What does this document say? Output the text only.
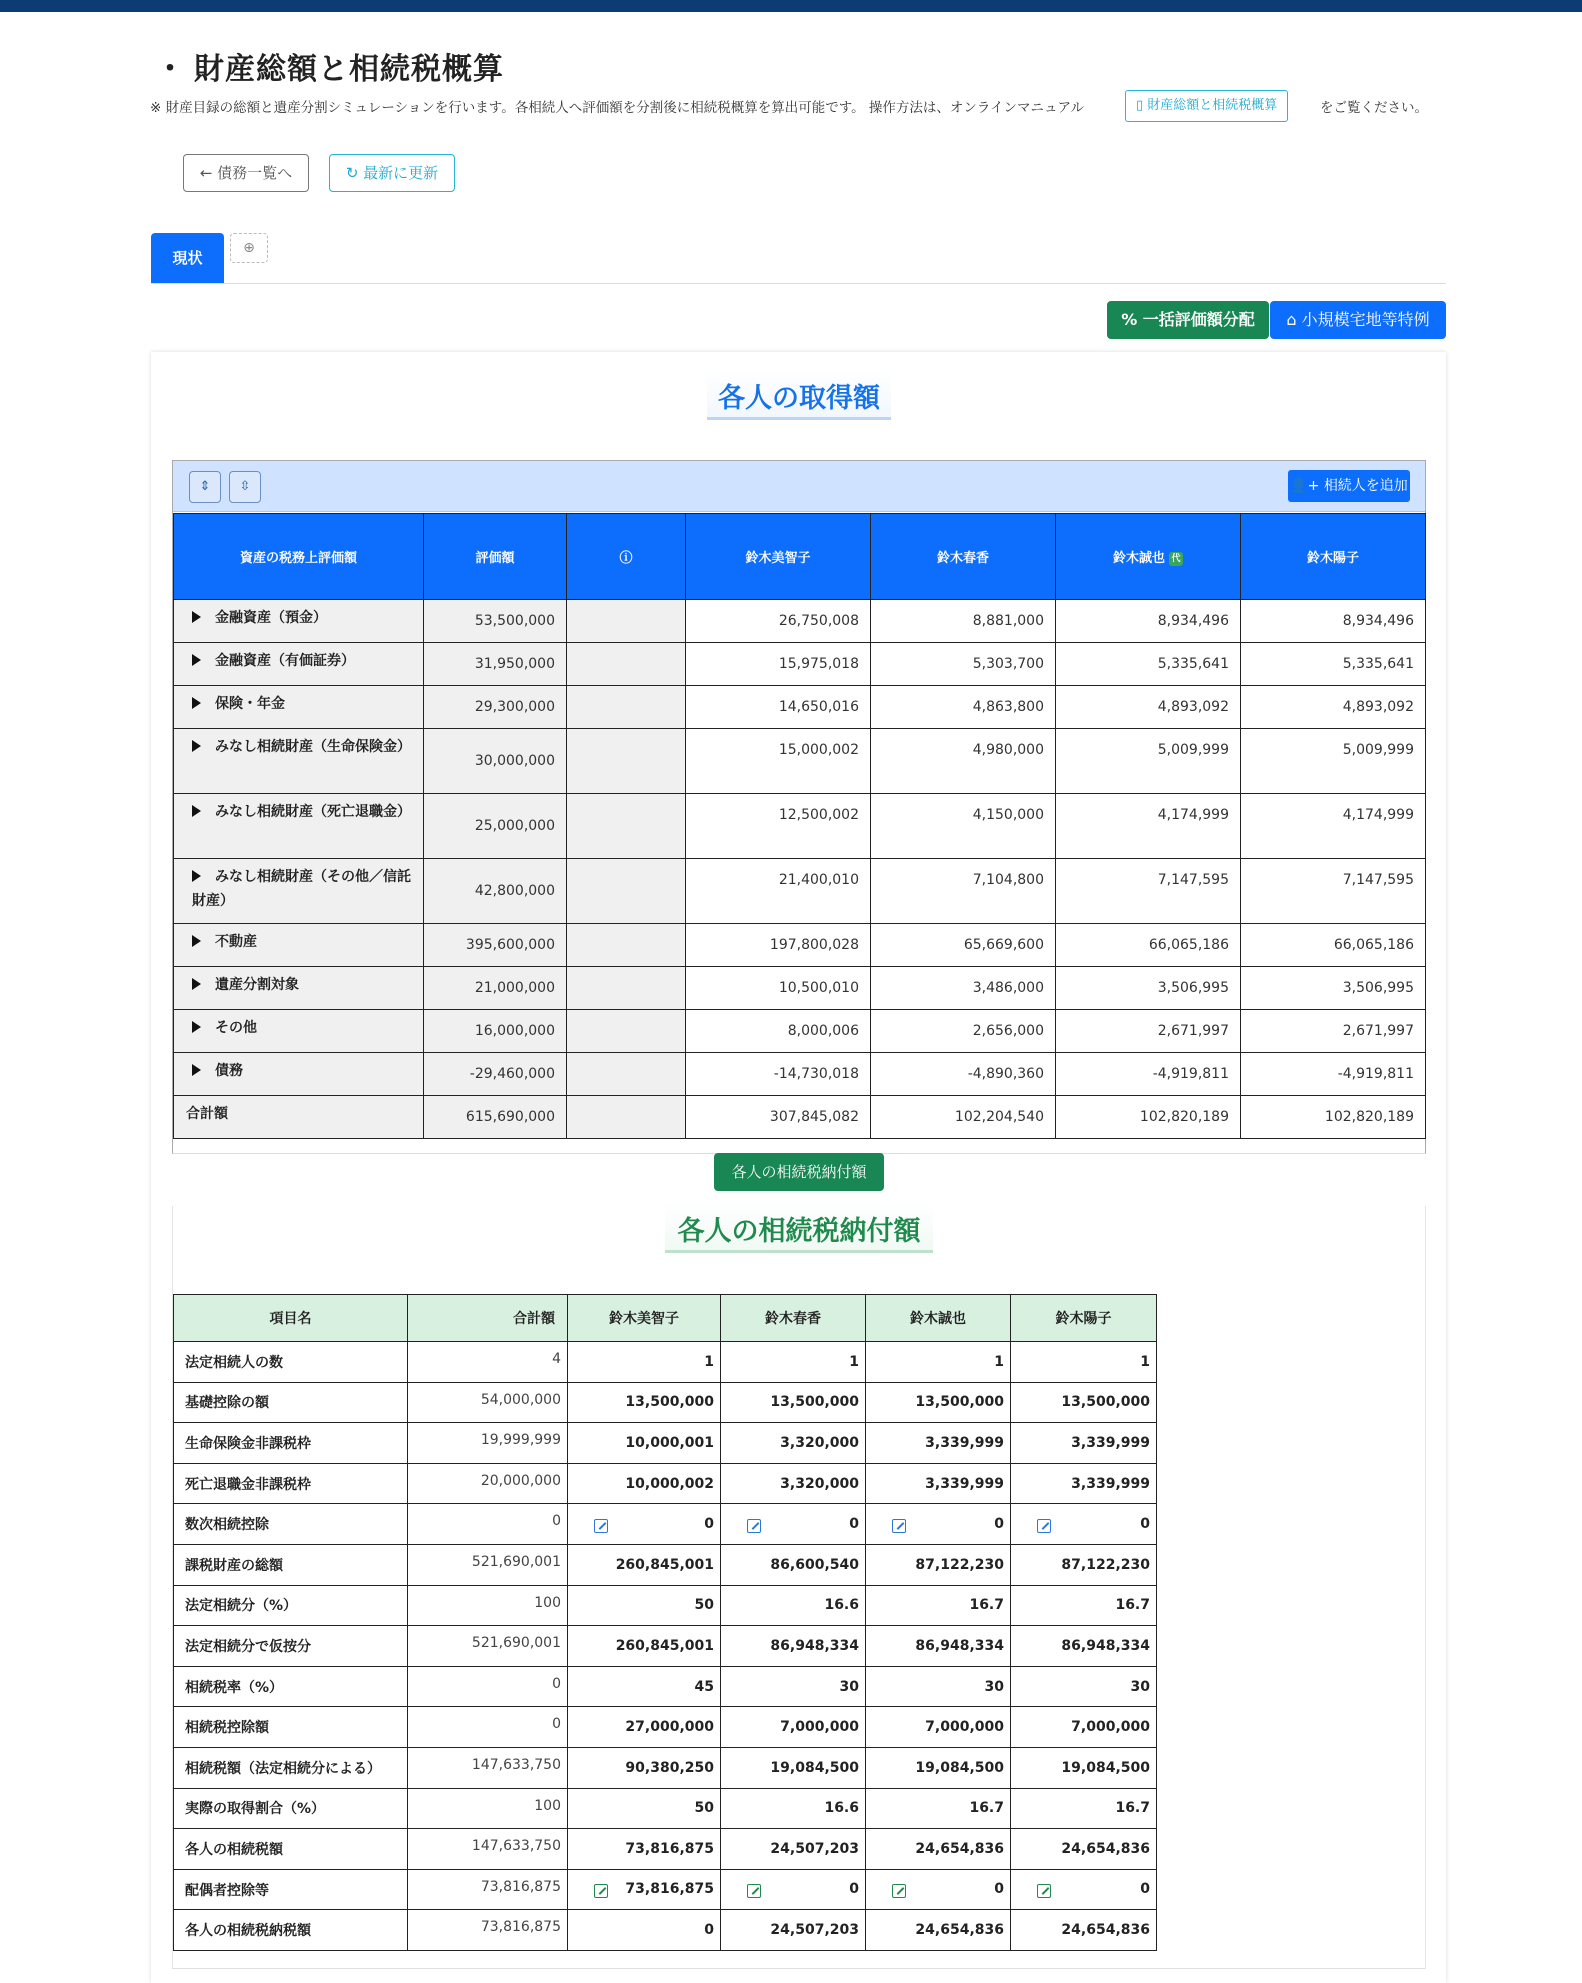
・ 財産総額と相続税概算
※ 財産目録の総額と遺産分割シミュレーションを行います。各相続人へ評価額を分割後に相続税概算を算出可能です。 操作方法は、オンラインマニュアル	▯ 財産総額と相続税概算	をご覧ください。
← 債務一覧へ	↻ 最新に更新
現状
⊕
% 一括評価額分配	⌂ 小規模宅地等特例
各人の取得額
⇕	⇳	👤+ 相続人を追加
資産の税務上評価額	評価額	ⓘ	鈴木美智子	鈴木春香	鈴木誠也 代	鈴木陽子
金融資産（預金）	53,500,000		26,750,008	8,881,000	8,934,496	8,934,496
金融資産（有価証券）	31,950,000		15,975,018	5,303,700	5,335,641	5,335,641
保険・年金	29,300,000		14,650,016	4,863,800	4,893,092	4,893,092
みなし相続財産（生命保険金）	30,000,000		15,000,002	4,980,000	5,009,999	5,009,999
みなし相続財産（死亡退職金）	25,000,000		12,500,002	4,150,000	4,174,999	4,174,999
みなし相続財産（その他／信託財産）	42,800,000		21,400,010	7,104,800	7,147,595	7,147,595
不動産	395,600,000		197,800,028	65,669,600	66,065,186	66,065,186
遺産分割対象	21,000,000		10,500,010	3,486,000	3,506,995	3,506,995
その他	16,000,000		8,000,006	2,656,000	2,671,997	2,671,997
債務	-29,460,000		-14,730,018	-4,890,360	-4,919,811	-4,919,811
合計額	615,690,000		307,845,082	102,204,540	102,820,189	102,820,189
各人の相続税納付額
各人の相続税納付額
項目名	合計額	鈴木美智子	鈴木春香	鈴木誠也	鈴木陽子
法定相続人の数	4	1	1	1	1
基礎控除の額	54,000,000	13,500,000	13,500,000	13,500,000	13,500,000
生命保険金非課税枠	19,999,999	10,000,001	3,320,000	3,339,999	3,339,999
死亡退職金非課税枠	20,000,000	10,000,002	3,320,000	3,339,999	3,339,999
数次相続控除	0	0	0	0	0
課税財産の総額	521,690,001	260,845,001	86,600,540	87,122,230	87,122,230
法定相続分（%）	100	50	16.6	16.7	16.7
法定相続分で仮按分	521,690,001	260,845,001	86,948,334	86,948,334	86,948,334
相続税率（%）	0	45	30	30	30
相続税控除額	0	27,000,000	7,000,000	7,000,000	7,000,000
相続税額（法定相続分による）	147,633,750	90,380,250	19,084,500	19,084,500	19,084,500
実際の取得割合（%）	100	50	16.6	16.7	16.7
各人の相続税額	147,633,750	73,816,875	24,507,203	24,654,836	24,654,836
配偶者控除等	73,816,875	73,816,875	0	0	0
各人の相続税納税額	73,816,875	0	24,507,203	24,654,836	24,654,836
